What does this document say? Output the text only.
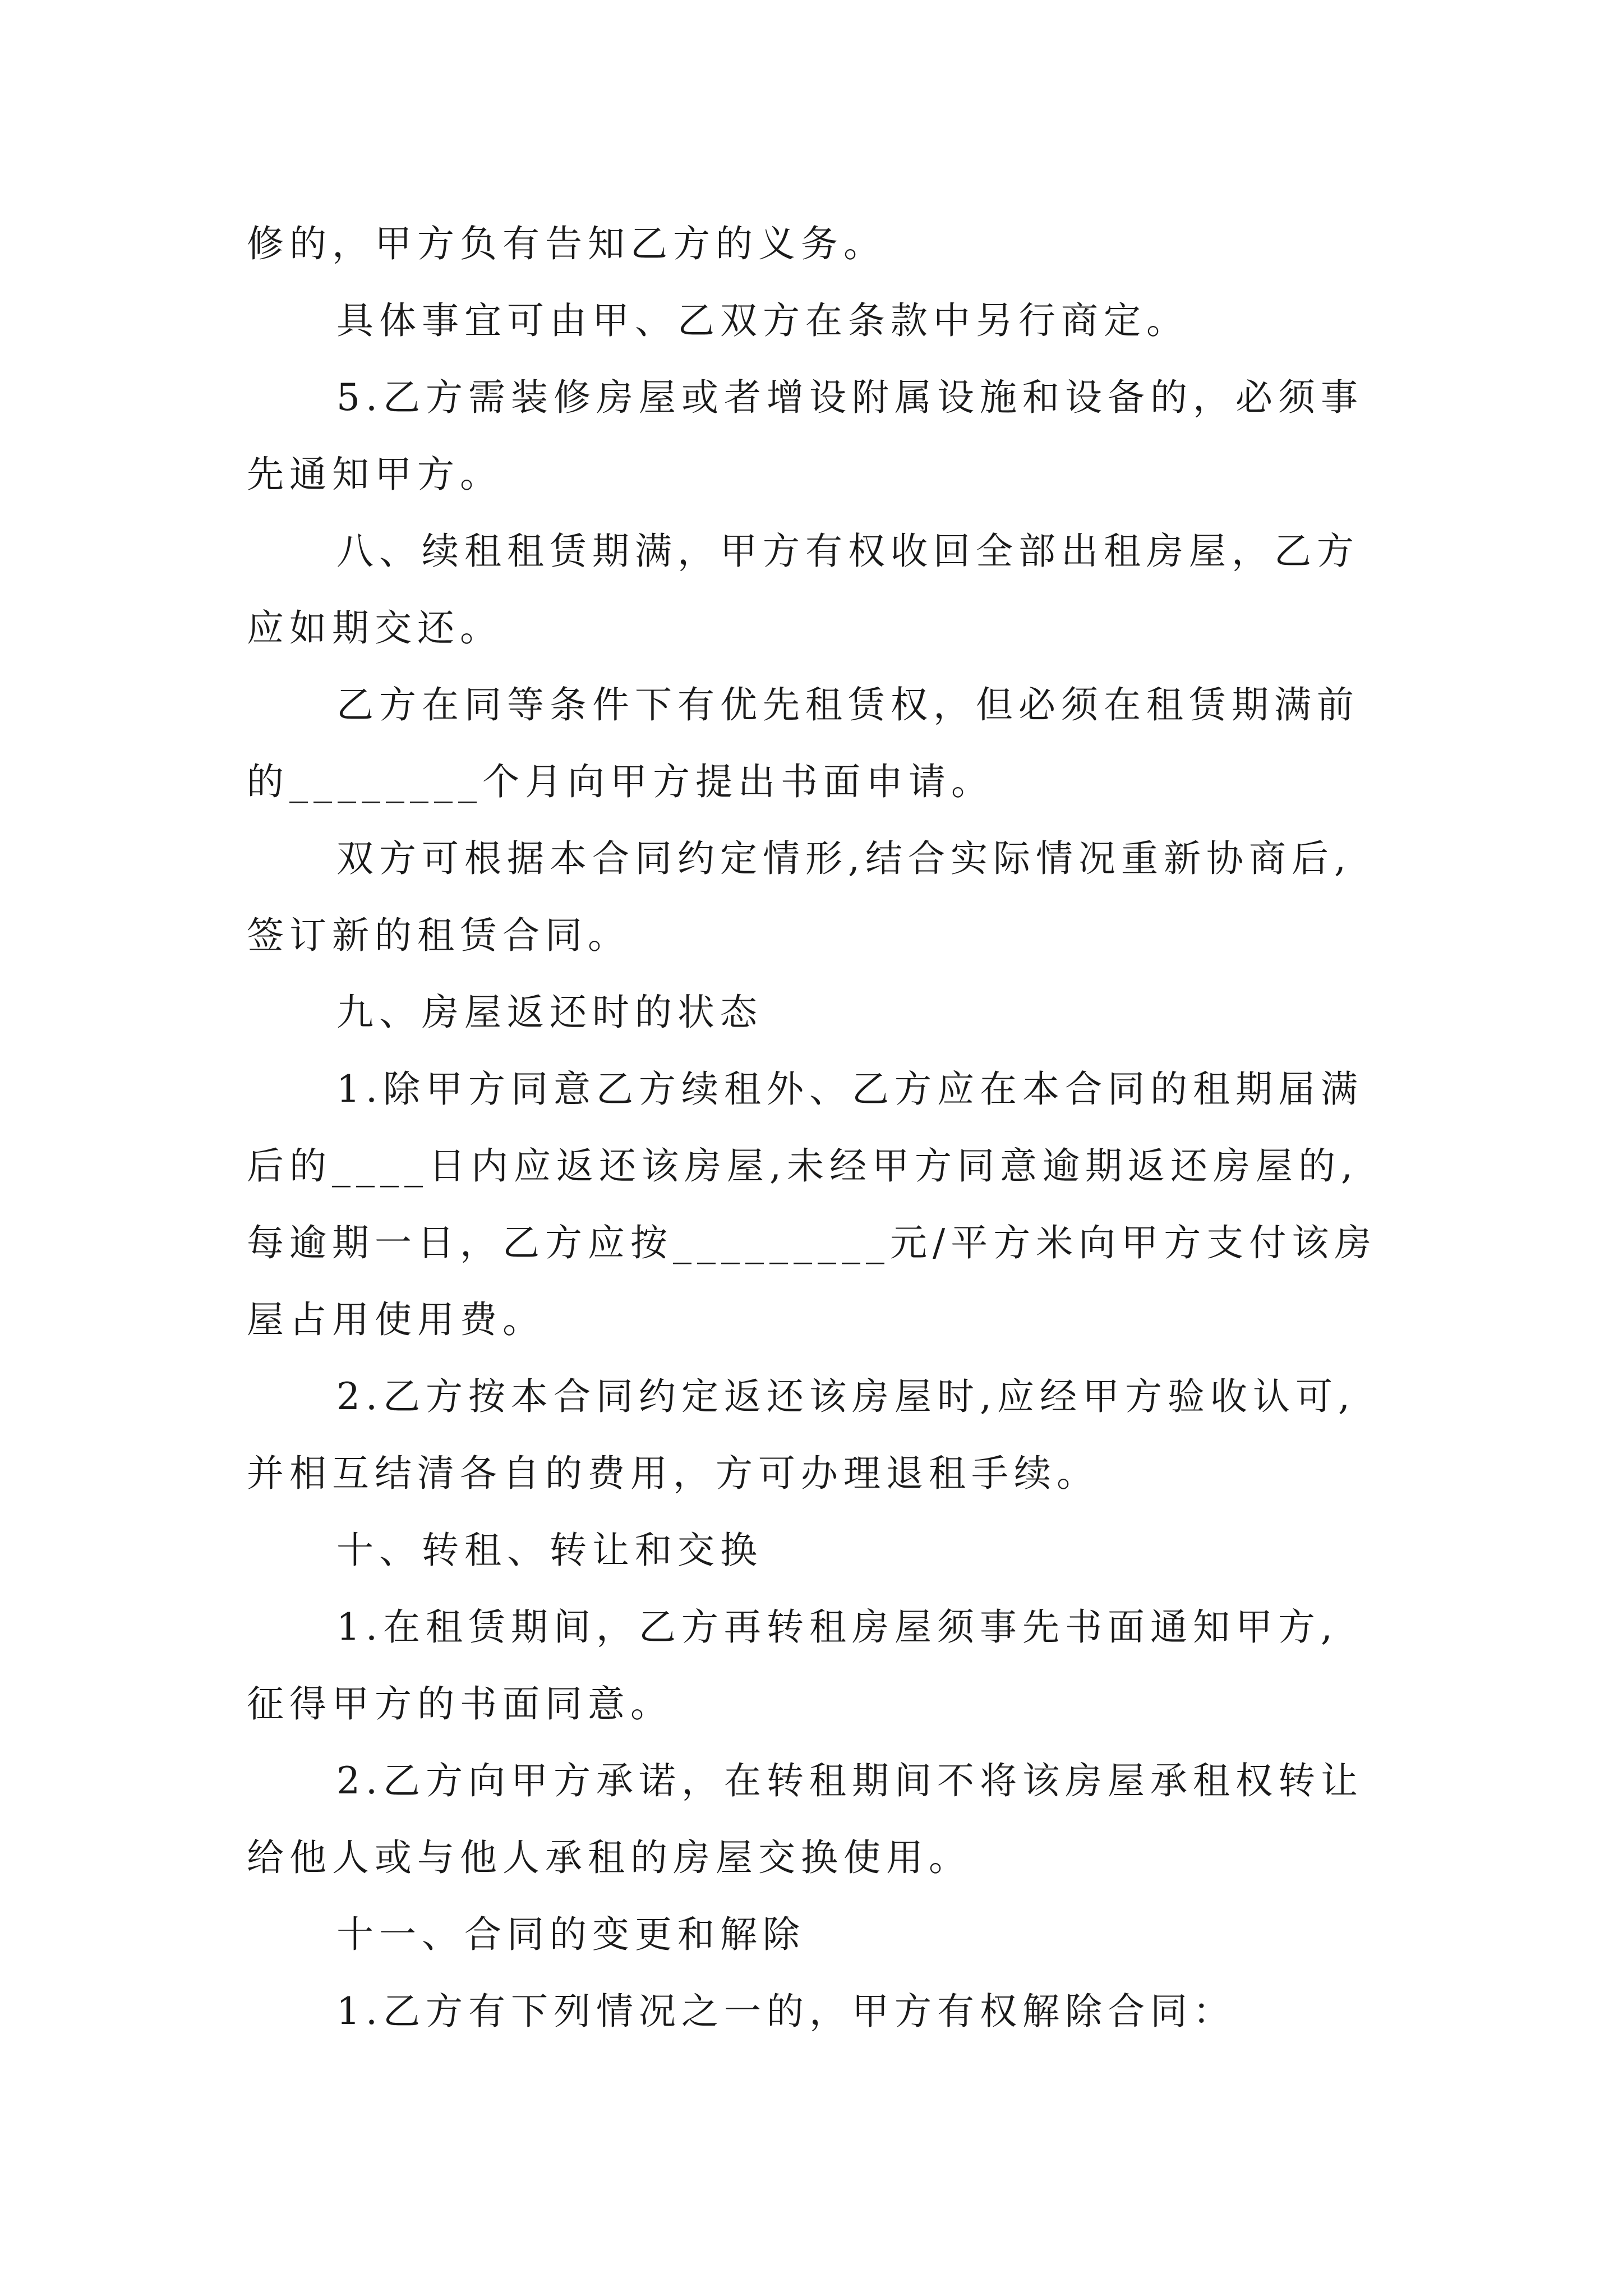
修的，甲方负有告知乙方的义务。
具体事宜可由甲、乙双方在条款中另行商定。
5.乙方需装修房屋或者增设附属设施和设备的，必须事
先通知甲方。
八、续租租赁期满，甲方有权收回全部出租房屋，乙方
应如期交还。
乙方在同等条件下有优先租赁权，但必须在租赁期满前
的________个月向甲方提出书面申请。
双方可根据本合同约定情形,结合实际情况重新协商后,
签订新的租赁合同。
九、房屋返还时的状态
1.除甲方同意乙方续租外、乙方应在本合同的租期届满
后的____日内应返还该房屋,未经甲方同意逾期返还房屋的,
每逾期一日，乙方应按_________元/平方米向甲方支付该房
屋占用使用费。
2.乙方按本合同约定返还该房屋时,应经甲方验收认可,
并相互结清各自的费用，方可办理退租手续。
十、转租、转让和交换
1.在租赁期间，乙方再转租房屋须事先书面通知甲方,
征得甲方的书面同意。
2.乙方向甲方承诺，在转租期间不将该房屋承租权转让
给他人或与他人承租的房屋交换使用。
十一、合同的变更和解除
1.乙方有下列情况之一的，甲方有权解除合同：
